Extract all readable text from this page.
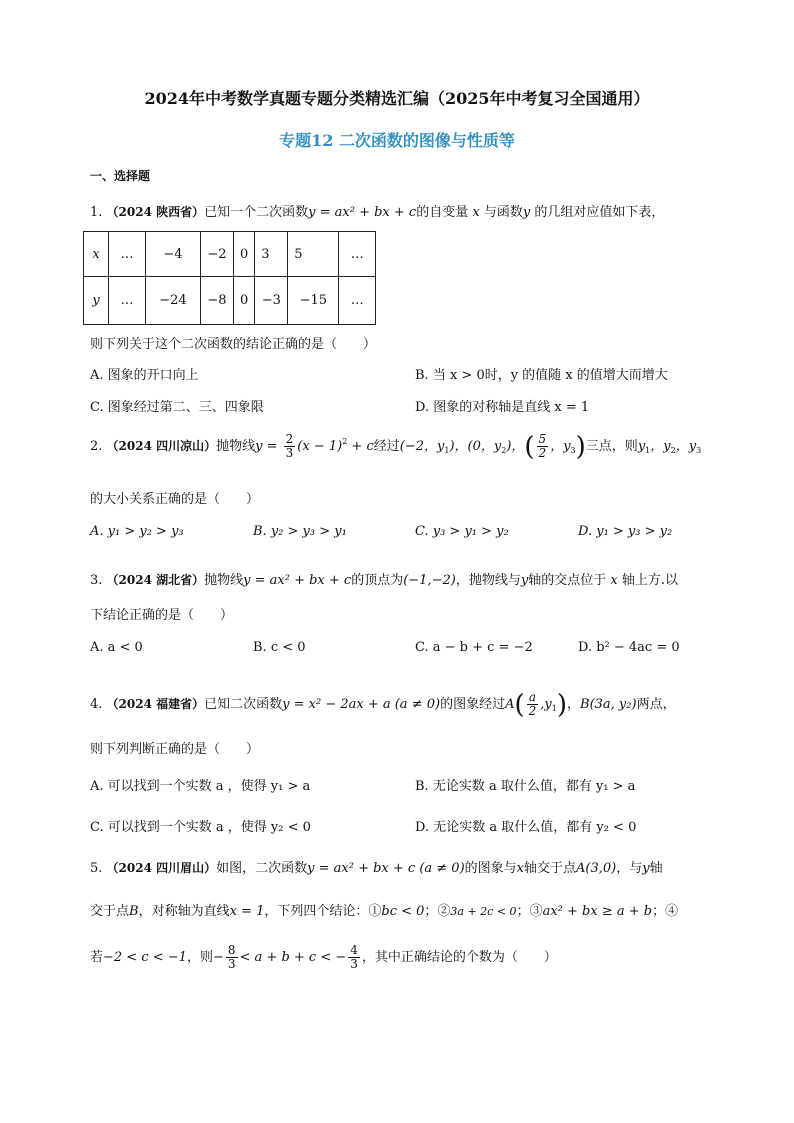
2024年中考数学真题专题分类精选汇编（2025年中考复习全国通用）
专题12 二次函数的图像与性质等
一、选择题
1. （2024 陕西省）已知一个二次函数y = ax² + bx + c的自变量 x 与函数y 的几组对应值如下表，
x	…	−4	−2	0	3	5	…
y	…	−24	−8	0	−3	−15	…
则下列关于这个二次函数的结论正确的是（　　）
A. 图象的开口向上	B. 当 x > 0时，y 的值随 x 的值增大而增大
C. 图象经过第二、三、四象限	D. 图象的对称轴是直线 x = 1
2. （2024 四川凉山）抛物线$y = \frac{2}{3} (x - 1)^2 + c$经过(−2，$y_1$)，(0，$y_2$)，( $\frac{5}{2}$ ，$y_3$)三点，则$y_1$，$y_2$，$y_3$
的大小关系正确的是（　　）
A. y₁ > y₂ > y₃	B. y₂ > y₃ > y₁	C. y₃ > y₁ > y₂	D. y₁ > y₃ > y₂
3. （2024 湖北省）抛物线y = ax² + bx + c的顶点为(−1,−2)，抛物线与y轴的交点位于 x 轴上方.以
下结论正确的是（　　）
A. a < 0	B. c < 0	C. a − b + c = −2	D. b² − 4ac = 0
4. （2024 福建省）已知二次函数y = x² − 2ax + a (a ≠ 0)的图象经过$A( \frac{a}{2} ,y_1)$，B(3a, y₂)两点，
则下列判断正确的是（　　）
A. 可以找到一个实数 a ，使得 y₁ > a	B. 无论实数 a 取什么值，都有 y₁ > a
C. 可以找到一个实数 a ，使得 y₂ < 0	D. 无论实数 a 取什么值，都有 y₂ < 0
5. （2024 四川眉山）如图，二次函数y = ax² + bx + c (a ≠ 0)的图象与x轴交于点A(3,0)，与y轴
交于点B，对称轴为直线x = 1，下列四个结论：①bc < 0；②3a + 2c < 0；③ax² + bx ≥ a + b；④
若−2 < c < −1，则− $\frac{8}{3} < a + b + c$ < − $\frac{4}{3}$ ，其中正确结论的个数为（　　）
